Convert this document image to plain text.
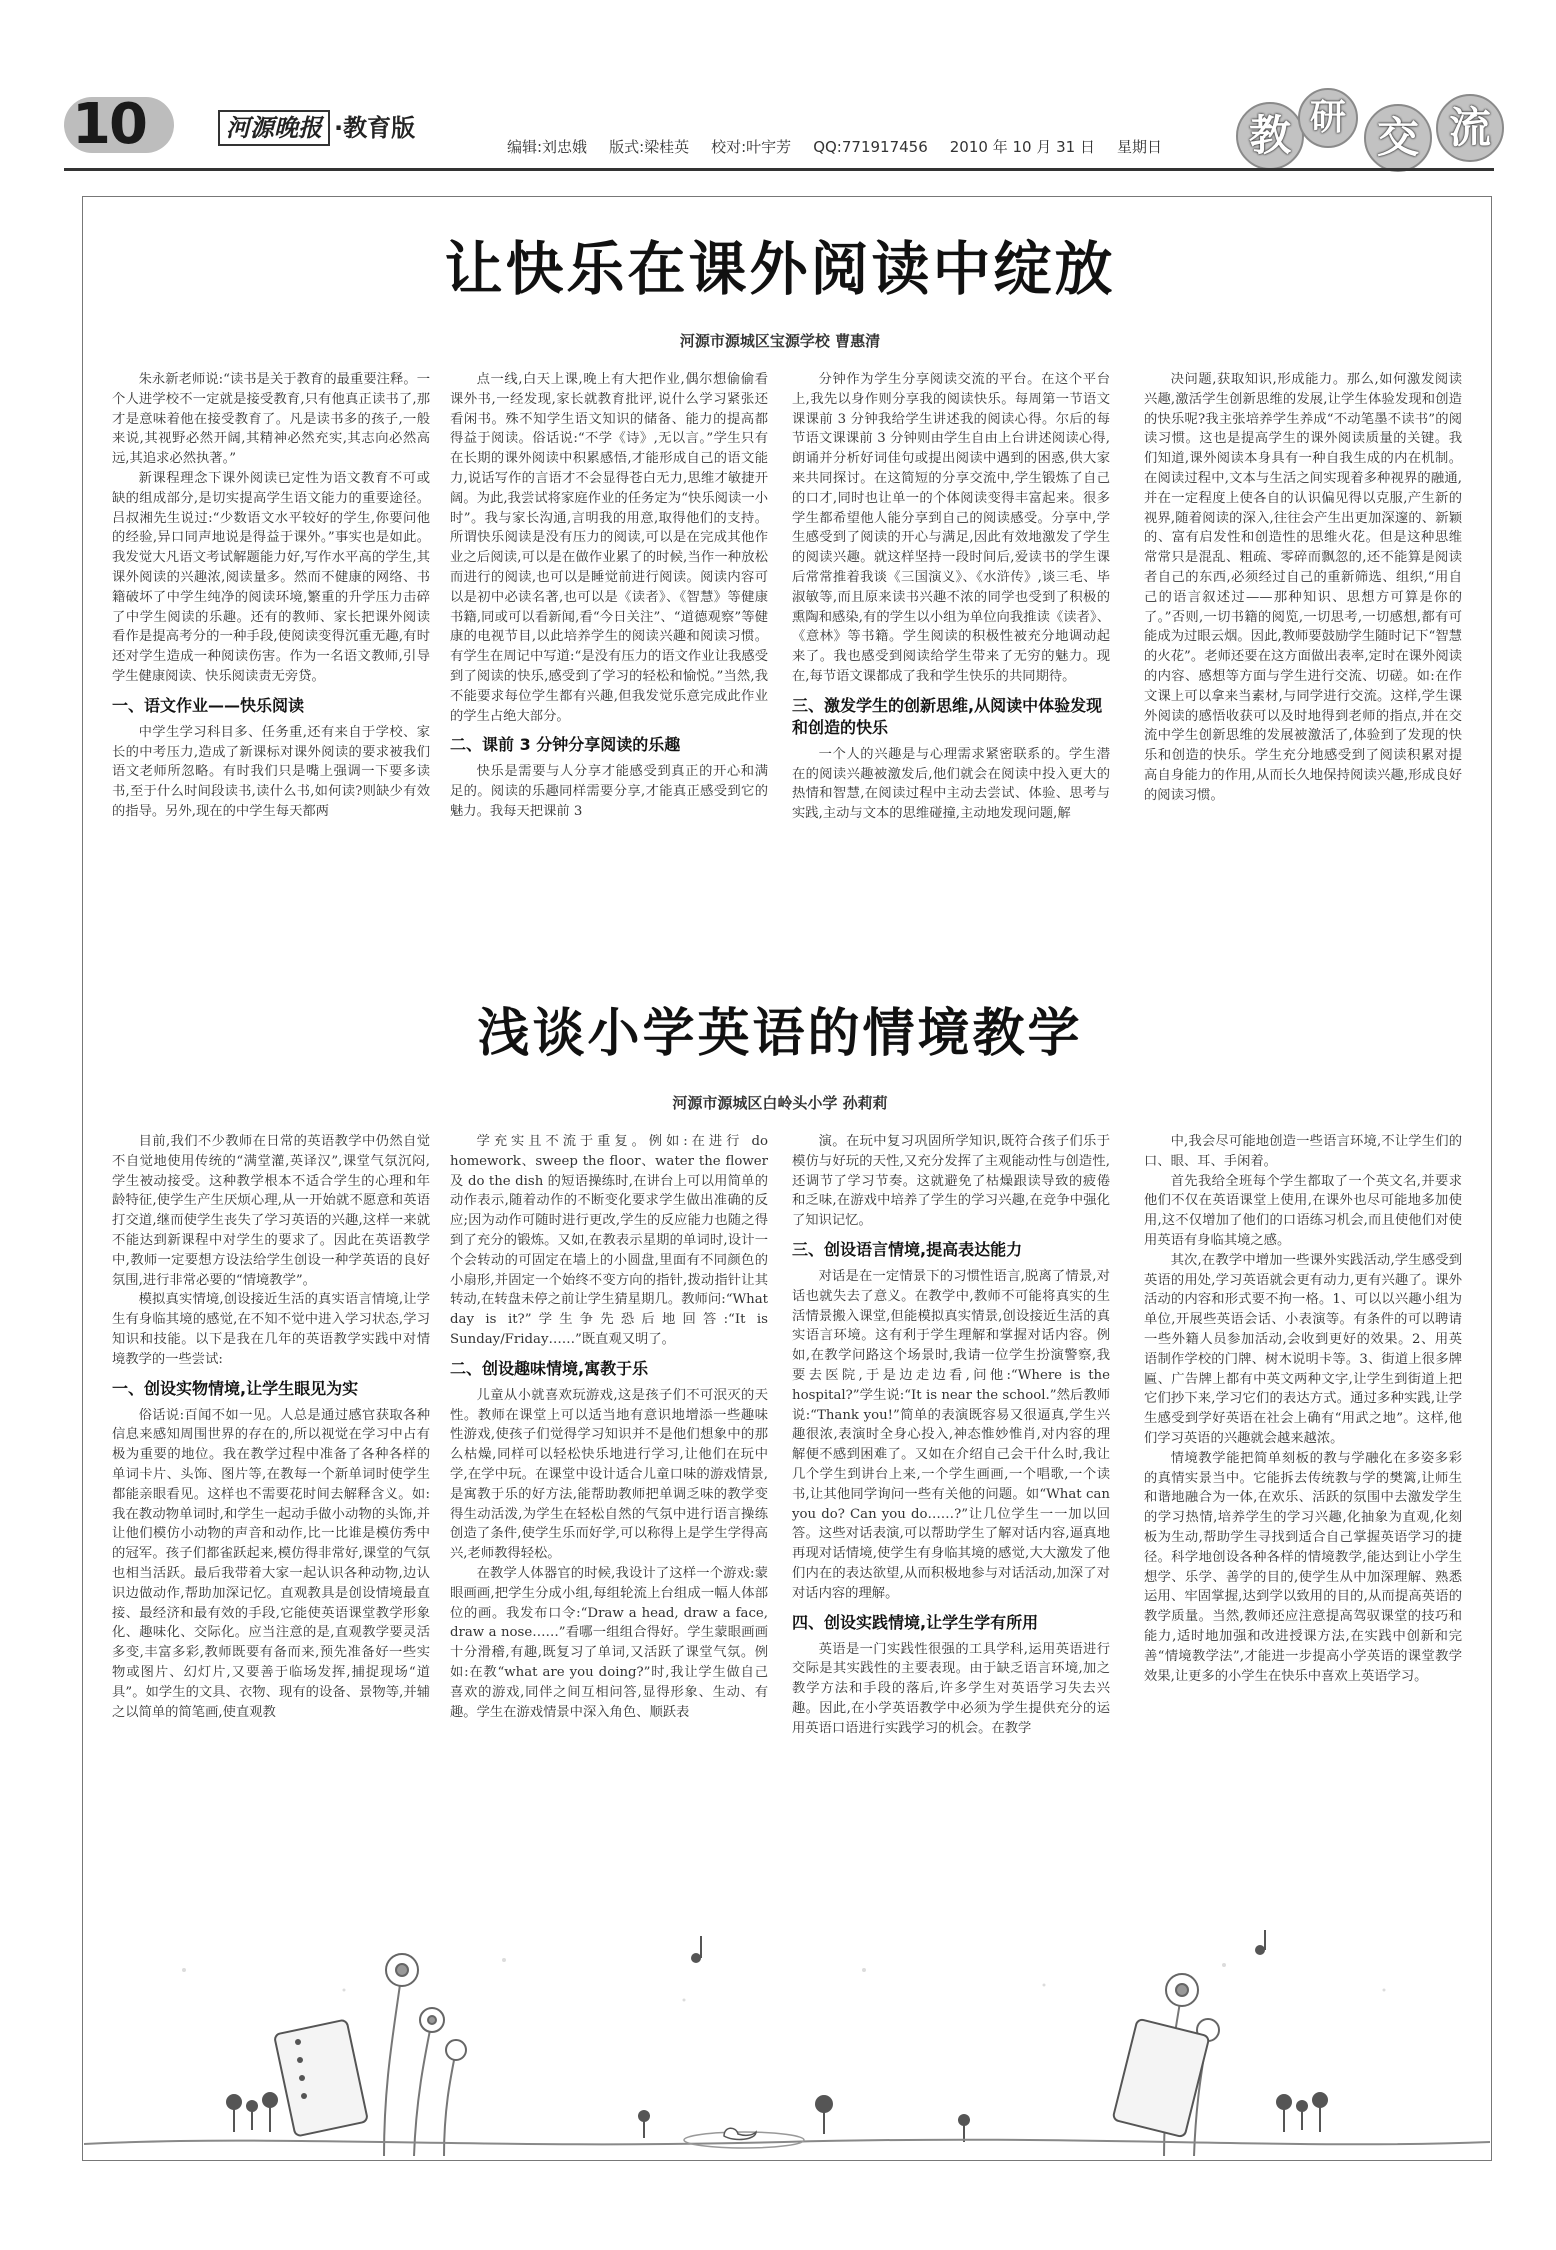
10	河源晚报 ·教育版
编辑:刘忠娥 版式:梁桂英 校对:叶宇芳 QQ:771917456 2010 年 10 月 31 日 星期日	教 研 交 流
让快乐在课外阅读中绽放
河源市源城区宝源学校 曹惠清

朱永新老师说:“读书是关于教育的最重要注释。一个人进学校不一定就是接受教育,只有他真正读书了,那才是意味着他在接受教育了。凡是读书多的孩子,一般来说,其视野必然开阔,其精神必然充实,其志向必然高远,其追求必然执著。”

新课程理念下课外阅读已定性为语文教育不可或缺的组成部分,是切实提高学生语文能力的重要途径。吕叔湘先生说过:“少数语文水平较好的学生,你要问他的经验,异口同声地说是得益于课外。”事实也是如此。我发觉大凡语文考试解题能力好,写作水平高的学生,其课外阅读的兴趣浓,阅读量多。然而不健康的网络、书籍破坏了中学生纯净的阅读环境,繁重的升学压力击碎了中学生阅读的乐趣。还有的教师、家长把课外阅读看作是提高考分的一种手段,使阅读变得沉重无趣,有时还对学生造成一种阅读伤害。作为一名语文教师,引导学生健康阅读、快乐阅读责无旁贷。

一、语文作业——快乐阅读

中学生学习科目多、任务重,还有来自于学校、家长的中考压力,造成了新课标对课外阅读的要求被我们语文老师所忽略。有时我们只是嘴上强调一下要多读书,至于什么时间段读书,读什么书,如何读?则缺少有效的指导。另外,现在的中学生每天都两

点一线,白天上课,晚上有大把作业,偶尔想偷偷看课外书,一经发现,家长就教育批评,说什么学习紧张还看闲书。殊不知学生语文知识的储备、能力的提高都得益于阅读。俗话说:“不学《诗》,无以言。”学生只有在长期的课外阅读中积累感悟,才能形成自己的语文能力,说话写作的言语才不会显得苍白无力,思维才敏捷开阔。为此,我尝试将家庭作业的任务定为“快乐阅读一小时”。我与家长沟通,言明我的用意,取得他们的支持。所谓快乐阅读是没有压力的阅读,可以是在完成其他作业之后阅读,可以是在做作业累了的时候,当作一种放松而进行的阅读,也可以是睡觉前进行阅读。阅读内容可以是初中必读名著,也可以是《读者》、《智慧》等健康书籍,同或可以看新闻,看“今日关注”、“道德观察”等健康的电视节目,以此培养学生的阅读兴趣和阅读习惯。有学生在周记中写道:“是没有压力的语文作业让我感受到了阅读的快乐,感受到了学习的轻松和愉悦。”当然,我不能要求每位学生都有兴趣,但我发觉乐意完成此作业的学生占绝大部分。

二、课前 3 分钟分享阅读的乐趣

快乐是需要与人分享才能感受到真正的开心和满足的。阅读的乐趣同样需要分享,才能真正感受到它的魅力。我每天把课前 3

分钟作为学生分享阅读交流的平台。在这个平台上,我先以身作则分享我的阅读快乐。每周第一节语文课课前 3 分钟我给学生讲述我的阅读心得。尔后的每节语文课课前 3 分钟则由学生自由上台讲述阅读心得,朗诵并分析好词佳句或提出阅读中遇到的困惑,供大家来共同探讨。在这简短的分享交流中,学生锻炼了自己的口才,同时也让单一的个体阅读变得丰富起来。很多学生都希望他人能分享到自己的阅读感受。分享中,学生感受到了阅读的开心与满足,因此有效地激发了学生的阅读兴趣。就这样坚持一段时间后,爱读书的学生课后常常推着我谈《三国演义》、《水浒传》,谈三毛、毕淑敏等,而且原来读书兴趣不浓的同学也受到了积极的熏陶和感染,有的学生以小组为单位向我推读《读者》、《意林》等书籍。学生阅读的积极性被充分地调动起来了。我也感受到阅读给学生带来了无穷的魅力。现在,每节语文课都成了我和学生快乐的共同期待。

三、激发学生的创新思维,从阅读中体验发现和创造的快乐

一个人的兴趣是与心理需求紧密联系的。学生潜在的阅读兴趣被激发后,他们就会在阅读中投入更大的热情和智慧,在阅读过程中主动去尝试、体验、思考与实践,主动与文本的思维碰撞,主动地发现问题,解

决问题,获取知识,形成能力。那么,如何激发阅读兴趣,激活学生创新思维的发展,让学生体验发现和创造的快乐呢?我主张培养学生养成“不动笔墨不读书”的阅读习惯。这也是提高学生的课外阅读质量的关键。我们知道,课外阅读本身具有一种自我生成的内在机制。在阅读过程中,文本与生活之间实现着多种视界的融通,并在一定程度上使各自的认识偏见得以克服,产生新的视界,随着阅读的深入,往往会产生出更加深邃的、新颖的、富有启发性和创造性的思维火花。但是这种思维常常只是混乱、粗疏、零碎而飘忽的,还不能算是阅读者自己的东西,必须经过自己的重新筛选、组织,“用自己的语言叙述过——那种知识、思想方可算是你的了。”否则,一切书籍的阅览,一切思考,一切感想,都有可能成为过眼云烟。因此,教师要鼓励学生随时记下“智慧的火花”。老师还要在这方面做出表率,定时在课外阅读的内容、感想等方面与学生进行交流、切磋。如:在作文课上可以拿来当素材,与同学进行交流。这样,学生课外阅读的感悟收获可以及时地得到老师的指点,并在交流中学生创新思维的发展被激活了,体验到了发现的快乐和创造的快乐。学生充分地感受到了阅读积累对提高自身能力的作用,从而长久地保持阅读兴趣,形成良好的阅读习惯。

浅谈小学英语的情境教学
河源市源城区白岭头小学 孙莉莉

目前,我们不少教师在日常的英语教学中仍然自觉不自觉地使用传统的“满堂灌,英译汉”,课堂气氛沉闷,学生被动接受。这种教学根本不适合学生的心理和年龄特征,使学生产生厌烦心理,从一开始就不愿意和英语打交道,继而使学生丧失了学习英语的兴趣,这样一来就不能达到新课程中对学生的要求了。因此在英语教学中,教师一定要想方设法给学生创设一种学英语的良好氛围,进行非常必要的“情境教学”。

模拟真实情境,创设接近生活的真实语言情境,让学生有身临其境的感觉,在不知不觉中进入学习状态,学习知识和技能。以下是我在几年的英语教学实践中对情境教学的一些尝试:

一、创设实物情境,让学生眼见为实

俗话说:百闻不如一见。人总是通过感官获取各种信息来感知周围世界的存在的,所以视觉在学习中占有极为重要的地位。我在教学过程中准备了各种各样的单词卡片、头饰、图片等,在教每一个新单词时使学生都能亲眼看见。这样也不需要花时间去解释含义。如:我在教动物单词时,和学生一起动手做小动物的头饰,并让他们模仿小动物的声音和动作,比一比谁是模仿秀中的冠军。孩子们都雀跃起来,模仿得非常好,课堂的气氛也相当活跃。最后我带着大家一起认识各种动物,边认识边做动作,帮助加深记忆。直观教具是创设情境最直接、最经济和最有效的手段,它能使英语课堂教学形象化、趣味化、交际化。应当注意的是,直观教学要灵活多变,丰富多彩,教师既要有备而来,预先准备好一些实物或图片、幻灯片,又要善于临场发挥,捕捉现场“道具”。如学生的文具、衣物、现有的设备、景物等,并辅之以简单的简笔画,使直观教

学充实且不流于重复。例如:在进行 do homework、sweep the floor、water the flower 及 do the dish 的短语操练时,在讲台上可以用简单的动作表示,随着动作的不断变化要求学生做出准确的反应;因为动作可随时进行更改,学生的反应能力也随之得到了充分的锻炼。又如,在教表示星期的单词时,设计一个会转动的可固定在墙上的小圆盘,里面有不同颜色的小扇形,并固定一个始终不变方向的指针,拨动指针让其转动,在转盘未停之前让学生猜星期几。教师问:“What day is it?”学生争先恐后地回答:“It is Sunday/Friday……”既直观又明了。

二、创设趣味情境,寓教于乐

儿童从小就喜欢玩游戏,这是孩子们不可泯灭的天性。教师在课堂上可以适当地有意识地增添一些趣味性游戏,使孩子们觉得学习知识并不是他们想象中的那么枯燥,同样可以轻松快乐地进行学习,让他们在玩中学,在学中玩。在课堂中设计适合儿童口味的游戏情景,是寓教于乐的好方法,能帮助教师把单调乏味的教学变得生动活泼,为学生在轻松自然的气氛中进行语言操练创造了条件,使学生乐而好学,可以称得上是学生学得高兴,老师教得轻松。

在教学人体器官的时候,我设计了这样一个游戏:蒙眼画画,把学生分成小组,每组轮流上台组成一幅人体部位的画。我发布口令:“Draw a head, draw a face, draw a nose……”看哪一组组合得好。学生蒙眼画画十分滑稽,有趣,既复习了单词,又活跃了课堂气氛。例如:在教“what are you doing?”时,我让学生做自己喜欢的游戏,同伴之间互相问答,显得形象、生动、有趣。学生在游戏情景中深入角色、顺跃表

演。在玩中复习巩固所学知识,既符合孩子们乐于模仿与好玩的天性,又充分发挥了主观能动性与创造性,还调节了学习节奏。这就避免了枯燥跟读导致的疲倦和乏味,在游戏中培养了学生的学习兴趣,在竞争中强化了知识记忆。

三、创设语言情境,提高表达能力

对话是在一定情景下的习惯性语言,脱离了情景,对话也就失去了意义。在教学中,教师不可能将真实的生活情景搬入课堂,但能模拟真实情景,创设接近生活的真实语言环境。这有利于学生理解和掌握对话内容。例如,在教学问路这个场景时,我请一位学生扮演警察,我要去医院,于是边走边看,问他:“Where is the hospital?”学生说:“It is near the school.”然后教师说:“Thank you!”简单的表演既容易又很逼真,学生兴趣很浓,表演时全身心投入,神态惟妙惟肖,对内容的理解便不感到困难了。又如在介绍自己会干什么时,我让几个学生到讲台上来,一个学生画画,一个唱歌,一个读书,让其他同学询问一些有关他的问题。如“What can you do? Can you do……?”让几位学生一一加以回答。这些对话表演,可以帮助学生了解对话内容,逼真地再现对话情境,使学生有身临其境的感觉,大大激发了他们内在的表达欲望,从而积极地参与对话活动,加深了对对话内容的理解。

四、创设实践情境,让学生学有所用

英语是一门实践性很强的工具学科,运用英语进行交际是其实践性的主要表现。由于缺乏语言环境,加之教学方法和手段的落后,许多学生对英语学习失去兴趣。因此,在小学英语教学中必须为学生提供充分的运用英语口语进行实践学习的机会。在教学

中,我会尽可能地创造一些语言环境,不让学生们的口、眼、耳、手闲着。

首先我给全班每个学生都取了一个英文名,并要求他们不仅在英语课堂上使用,在课外也尽可能地多加使用,这不仅增加了他们的口语练习机会,而且使他们对使用英语有身临其境之感。

其次,在教学中增加一些课外实践活动,学生感受到英语的用处,学习英语就会更有动力,更有兴趣了。课外活动的内容和形式要不拘一格。1、可以以兴趣小组为单位,开展些英语会话、小表演等。有条件的可以聘请一些外籍人员参加活动,会收到更好的效果。2、用英语制作学校的门牌、树木说明卡等。3、街道上很多牌匾、广告牌上都有中英文两种文字,让学生到街道上把它们抄下来,学习它们的表达方式。通过多种实践,让学生感受到学好英语在社会上确有“用武之地”。这样,他们学习英语的兴趣就会越来越浓。

情境教学能把简单刻板的教与学融化在多姿多彩的真情实景当中。它能拆去传统教与学的樊篱,让师生和谐地融合为一体,在欢乐、活跃的氛围中去激发学生的学习热情,培养学生的学习兴趣,化抽象为直观,化刻板为生动,帮助学生寻找到适合自己掌握英语学习的捷径。科学地创设各种各样的情境教学,能达到让小学生想学、乐学、善学的目的,使学生从中加深理解、熟悉运用、牢固掌握,达到学以致用的目的,从而提高英语的教学质量。当然,教师还应注意提高驾驭课堂的技巧和能力,适时地加强和改进授课方法,在实践中创新和完善“情境教学法”,才能进一步提高小学英语的课堂教学效果,让更多的小学生在快乐中喜欢上英语学习。
